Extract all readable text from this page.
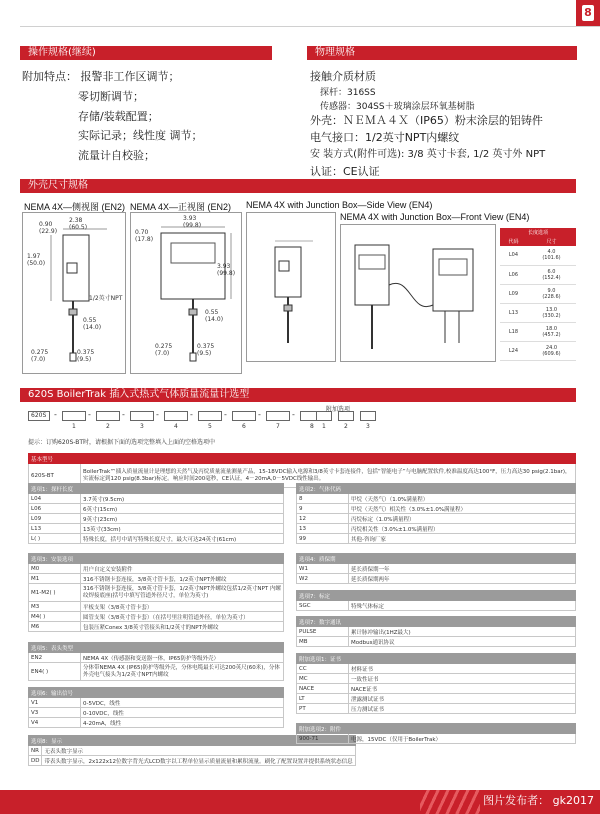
8
操作规格(继续)
附加特点： 报警非工作区调节；
零切断调节；
存储/装载配置；
实际记录；线性度 调节；
流量计自校验；
物理规格
接触介质材质
探杆：316SS
传感器：304SS＋玻璃涂层环氧基树脂
外壳：ＮＥＭＡ４Ｘ（IP65）粉末涂层的铝铸件
电气接口：1/2英寸NPT内螺纹
安 装方式(附件可选): 3/8 英寸卡套, 1/2 英寸外 NPT
认证：CE认证
外壳尺寸规格
NEMA 4X—侧视图 (EN2) NEMA 4X—正视图 (EN2) NEMA 4X with Junction Box—Side View (EN4)
NEMA 4X with Junction Box—Front View (EN4)
0.90
(22.9)
2.38
(60.5)
1.97
(50.0)
1/2英寸NPT
0.55
(14.0)
0.275
(7.0)
0.375
(9.5)
0.70
(17.8)
3.93
(99.8)
3.93
(99.8)
0.55
(14.0)
0.275
(7.0)
0.375
(9.5)
长度选项	
代码	尺寸
L04	4.0
(101.6)
L06	6.0
(152.4)
L09	9.0
(228.6)
L13	13.0
(330.2)
L18	18.0
(457.2)
L24	24.0
(609.6)
620S BoilerTrak 插入式热式气体质量流量计选型
620S -
1
-
2
-
3
-
4
-
5
-
6
-
7
-
8 1	2	3
附加选项
提示：订购620S-BT时，请根据下面的选项完整填入上面的空格选项中
基本型号
620S-BT	BoilerTrak™插入质量流量计是理想的天然气及丙烷质量流量测量产品，15-18VDC输入电源和3/8英寸卡套连接件，包括“智能电子”与电脑配置软件,校准温度高达100°F，压力高达30 psig(2.1bar)，实流标定到120 psig(8.3bar)标定。响应时间200毫秒，CE认证，4－20mA,0－5VDC线性输出。
选项1：探杆长度	
L04	3.7英寸(9.5cm)
L06	6英寸(15cm)
L09	9英寸(23cm)
L13	13英寸(33cm)
L( )	特殊长度，括号中请写特殊长度尺寸，最大可达24英寸(61cm)
选项3：安装选项	
M0	用户自定义安装附件
M1	316不锈钢卡套连接，3/8英寸管卡套，1/2英寸NPT外螺纹
M1-M2( )	316不锈钢卡套连接，3/8英寸管卡套，1/2英寸NPT外螺纹包括1/2英寸NPT 内螺纹焊接底座(括号中填写管道外径尺寸，单位为英寸)
M3	平板支架（3/8英寸管卡套）
M4( )	圆管支架（3/8英寸管卡套）（在括号里注明管道外径，单位为英寸）
M6	包装压紧Conex 3/8英寸管接头和1/2英寸的NPT外螺纹
选项5：表头类型	
EN2	NEMA 4X（传感器和变送器一体，IP65防护等级外壳）
EN4( )	分体带NEMA 4X (IP65)防护等级外壳，分体电缆最长可达200英尺(60米)，分体外壳电气接头为1/2英寸NPT内螺纹
选项6：输出信号	
V1	0-5VDC，线性
V3	0-10VDC，线性
V4	4-20mA，线性
选项8：显示	
NR	无表头数字显示
DD	带表头数字显示，2x122x12位数字背光式LCD数字以工程单位显示质量流量和累积流量。刷化了配置设置并提供系统状态信息
选项2：气体代码	
8	甲烷（天然气）（1.0%满量程）
9	甲烷（天然气）相关性（3.0%±1.0%满量程）
12	丙烷标定（1.0%满量程）
13	丙烷相关性（3.0%±1.0%满量程）
99	其他-咨询厂家
选项4：质保期	
W1	延长质保期一年
W2	延长质保期两年
选项7：标定
SGC	特殊气体标定
选项7：数字通讯	
PULSE	累计脉冲输出(1HZ最大)
MB	Modbus通讯协议
附加选项1：证书	
CC	材料证书
MC	一致性证书
NACE	NACE证书
LT	泄露测试证书
PT	压力测试证书
附加选项2：附件
900-71	电源，15VDC（仅用于BoilerTrak）
图片发布者： gk2017
